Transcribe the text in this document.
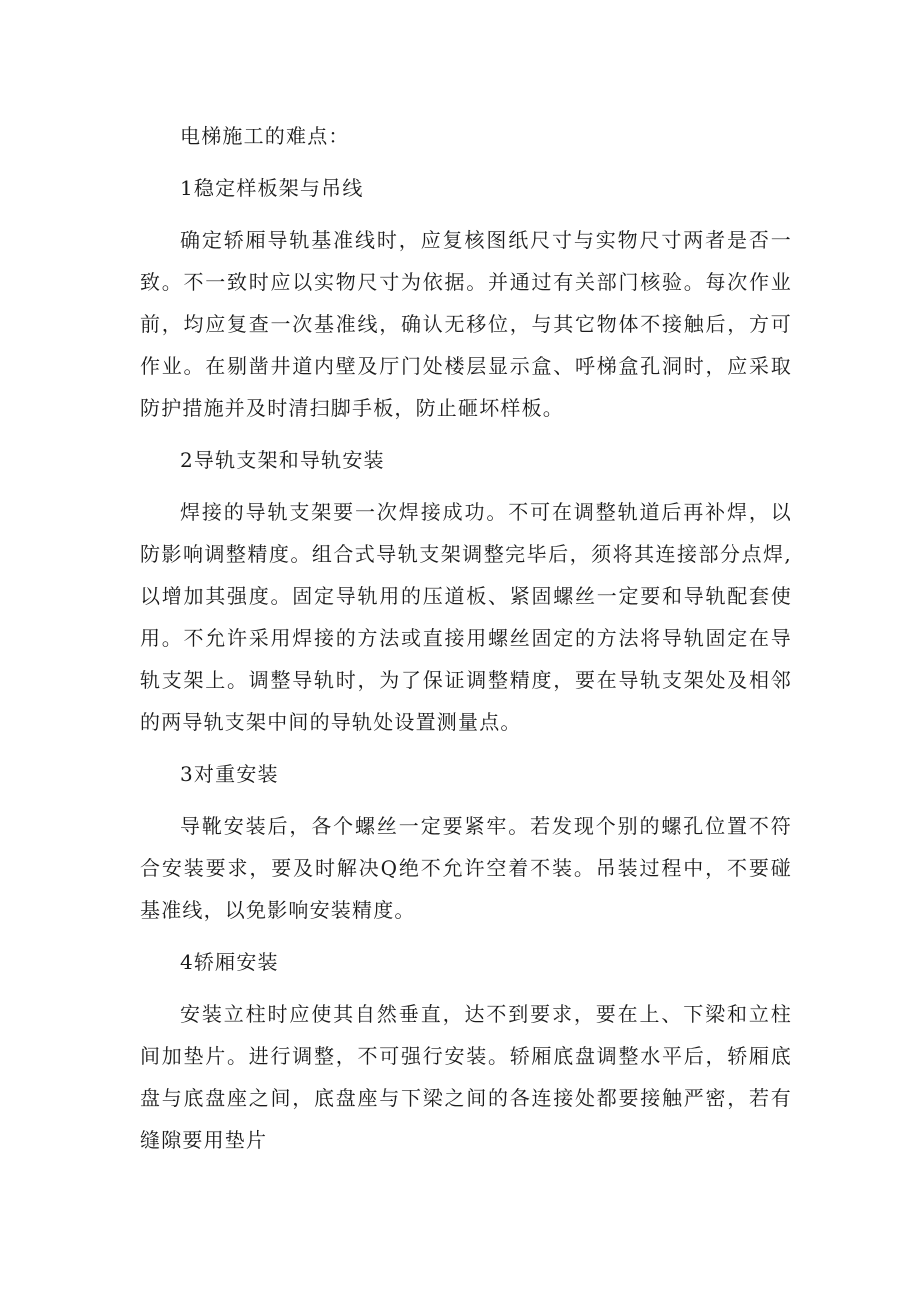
电梯施工的难点：

1稳定样板架与吊线

确定轿厢导轨基准线时，应复核图纸尺寸与实物尺寸两者是否一致。不一致时应以实物尺寸为依据。并通过有关部门核验。每次作业前，均应复查一次基准线，确认无移位，与其它物体不接触后，方可作业。在剔凿井道内壁及厅门处楼层显示盒、呼梯盒孔洞时，应采取防护措施并及时清扫脚手板，防止砸坏样板。

2导轨支架和导轨安装

焊接的导轨支架要一次焊接成功。不可在调整轨道后再补焊，以防影响调整精度。组合式导轨支架调整完毕后，须将其连接部分点焊,以增加其强度。固定导轨用的压道板、紧固螺丝一定要和导轨配套使用。不允许采用焊接的方法或直接用螺丝固定的方法将导轨固定在导轨支架上。调整导轨时，为了保证调整精度，要在导轨支架处及相邻的两导轨支架中间的导轨处设置测量点。

3对重安装

导靴安装后，各个螺丝一定要紧牢。若发现个别的螺孔位置不符合安装要求，要及时解决Q绝不允许空着不装。吊装过程中，不要碰基准线，以免影响安装精度。

4轿厢安装

安装立柱时应使其自然垂直，达不到要求，要在上、下梁和立柱间加垫片。进行调整，不可强行安装。轿厢底盘调整水平后，轿厢底盘与底盘座之间，底盘座与下梁之间的各连接处都要接触严密，若有缝隙要用垫片
